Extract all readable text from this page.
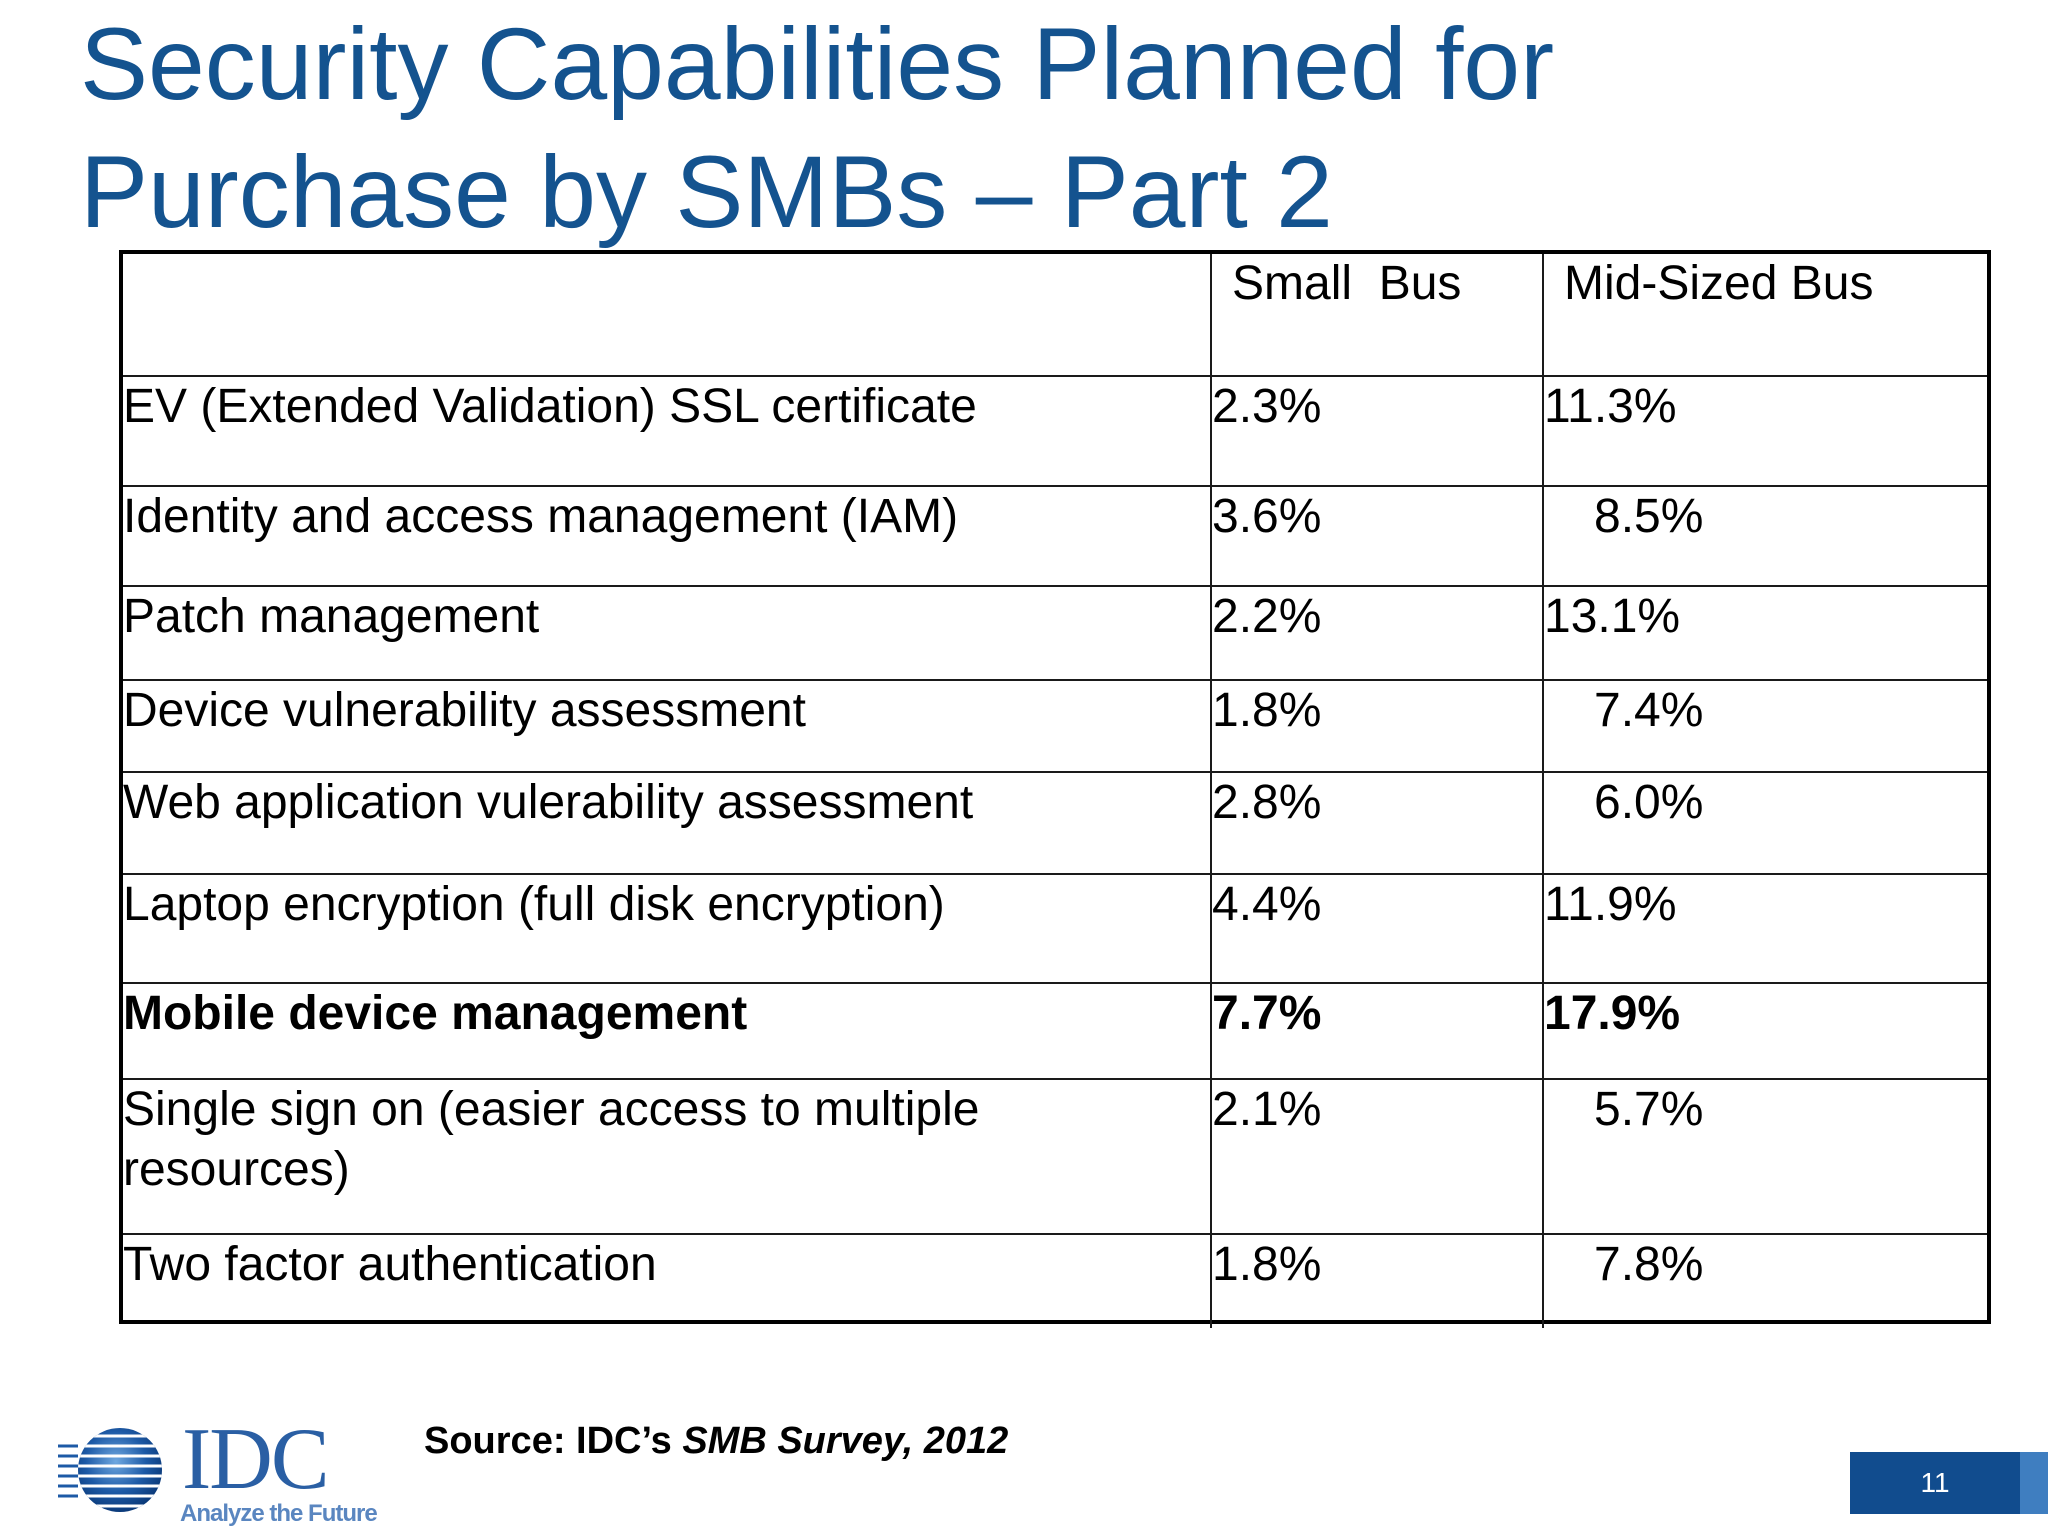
Security Capabilities Planned for
Purchase by SMBs – Part 2
	Small  Bus	Mid-Sized Bus
EV (Extended Validation) SSL certificate	2.3%	11.3%
Identity and access management (IAM)	3.6%	8.5%
Patch management	2.2%	13.1%
Device vulnerability assessment	1.8%	7.4%
Web application vulerability assessment	2.8%	6.0%
Laptop encryption (full disk encryption)	4.4%	11.9%
Mobile device management	7.7%	17.9%
Single sign on (easier access to multiple resources)	2.1%	5.7%
Two factor authentication	1.8%	7.8%
IDC
Analyze the Future
Source: IDC’s SMB Survey, 2012
11
